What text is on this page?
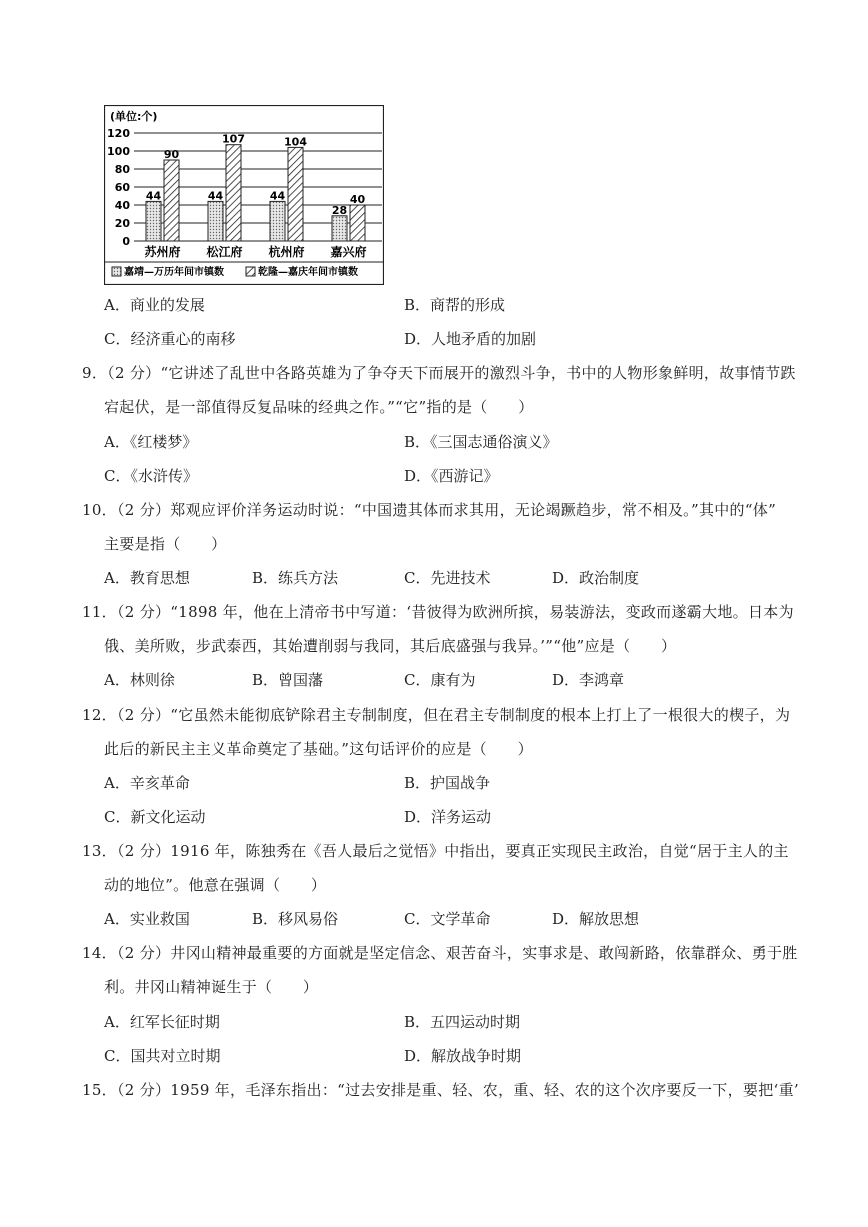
(单位:个)
120
100
80
60
40
20
0
44
90
苏州府
44
107
松江府
44
104
杭州府
28
40
嘉兴府
嘉靖—万历年间市镇数	乾隆—嘉庆年间市镇数
A．商业的发展	B．商帮的形成
C．经济重心的南移	D．人地矛盾的加剧
9．（2 分）“它讲述了乱世中各路英雄为了争夺天下而展开的激烈斗争，书中的人物形象鲜明，故事情节跌
宕起伏，是一部值得反复品味的经典之作。”“它”指的是（　　）
A．《红楼梦》	B．《三国志通俗演义》
C．《水浒传》	D．《西游记》
10．（2 分）郑观应评价洋务运动时说：“中国遗其体而求其用，无论竭蹶趋步，常不相及。”其中的“体”
主要是指（　　）
A．教育思想	B．练兵方法	C．先进技术	D．政治制度
11．（2 分）“1898 年，他在上清帝书中写道：‘昔彼得为欧洲所摈，易装游法，变政而遂霸大地。日本为
俄、美所败，步武泰西，其始遭削弱与我同，其后底盛强与我异。’”“他”应是（　　）
A．林则徐	B．曾国藩	C．康有为	D．李鸿章
12．（2 分）“它虽然未能彻底铲除君主专制制度，但在君主专制制度的根本上打上了一根很大的楔子，为
此后的新民主主义革命奠定了基础。”这句话评价的应是（　　）
A．辛亥革命	B．护国战争
C．新文化运动	D．洋务运动
13．（2 分）1916 年，陈独秀在《吾人最后之觉悟》中指出，要真正实现民主政治，自觉“居于主人的主
动的地位”。他意在强调（　　）
A．实业救国	B．移风易俗	C．文学革命	D．解放思想
14．（2 分）井冈山精神最重要的方面就是坚定信念、艰苦奋斗，实事求是、敢闯新路，依靠群众、勇于胜
利。井冈山精神诞生于（　　）
A．红军长征时期	B．五四运动时期
C．国共对立时期	D．解放战争时期
15．（2 分）1959 年，毛泽东指出：“过去安排是重、轻、农，重、轻、农的这个次序要反一下，要把‘重’
